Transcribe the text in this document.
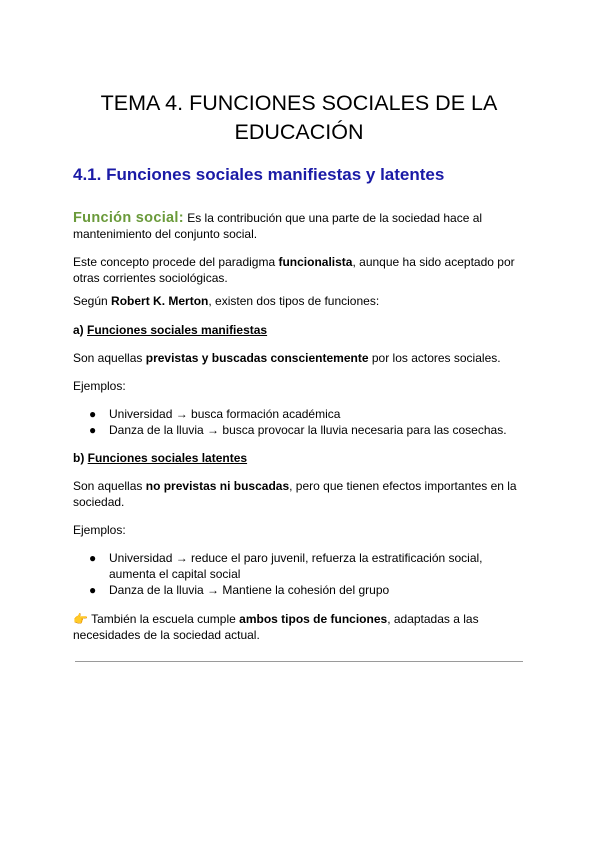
TEMA 4. FUNCIONES SOCIALES DE LA EDUCACIÓN
4.1. Funciones sociales manifiestas y latentes

Función social: Es la contribución que una parte de la sociedad hace al mantenimiento del conjunto social.

Este concepto procede del paradigma funcionalista, aunque ha sido aceptado por otras corrientes sociológicas.

Según Robert K. Merton, existen dos tipos de funciones:

a) Funciones sociales manifiestas

Son aquellas previstas y buscadas conscientemente por los actores sociales.

Ejemplos:

● Universidad → busca formación académica
● Danza de la lluvia → busca provocar la lluvia necesaria para las cosechas.

b) Funciones sociales latentes

Son aquellas no previstas ni buscadas, pero que tienen efectos importantes en la sociedad.

Ejemplos:

● Universidad → reduce el paro juvenil, refuerza la estratificación social, aumenta el capital social
● Danza de la lluvia → Mantiene la cohesión del grupo

👉 También la escuela cumple ambos tipos de funciones, adaptadas a las necesidades de la sociedad actual.
